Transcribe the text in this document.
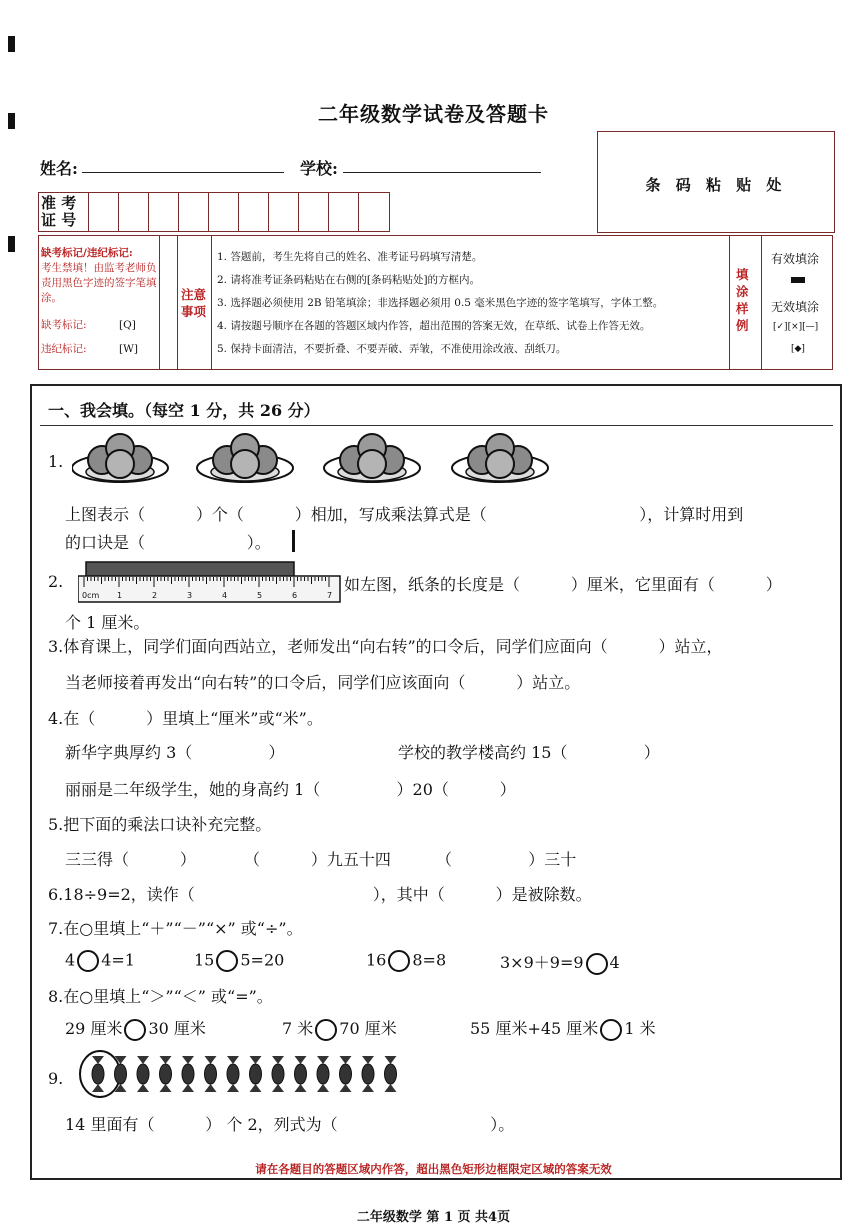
二年级数学试卷及答题卡
姓名:	学校:
条 码 粘 贴 处
准 考
证 号
缺考标记/违纪标记:
考生禁填！由监考老师负责用黑色字迹的签字笔填涂。
缺考标记:	[Q]
违纪标记:	[W]
注意事项
1. 答题前，考生先将自己的姓名、准考证号码填写清楚。
2. 请将准考证条码粘贴在右侧的[条码粘贴处]的方框内。
3. 选择题必须使用 2B 铅笔填涂；非选择题必须用 0.5 毫米黑色字迹的签字笔填写，字体工整。
4. 请按题号顺序在各题的答题区域内作答，超出范围的答案无效，在草纸、试卷上作答无效。
5. 保持卡面清洁，不要折叠、不要弄破、弄皱，不准使用涂改液、刮纸刀。
填涂样例
有效填涂
无效填涂
[✓][×][—]
[◆]
一、我会填。（每空 1 分，共 26 分）
1.
上图表示（          ）个（          ）相加，写成乘法算式是（                              ），计算时用到
的口诀是（                    ）。
2.
0cm 1	2	3	4	5	6	7
如左图，纸条的长度是（          ）厘米，它里面有（          ）
个 1 厘米。
3.体育课上，同学们面向西站立，老师发出“向右转”的口令后，同学们应面向（          ）站立，
当老师接着再发出“向右转”的口令后，同学们应该面向（          ）站立。
4.在（          ）里填上“厘米”或“米”。
新华字典厚约 3（               ）	学校的教学楼高约 15（               ）
丽丽是二年级学生，她的身高约 1（               ）20（          ）
5.把下面的乘法口诀补充完整。
三三得（          ）	（          ）九五十四	（               ）三十
6.18÷9=2，读作（                                   ），其中（          ）是被除数。
7.在○里填上“＋”“－”“×” 或“÷”。
4 4=1	15 5=20	16 8=8	3×9＋9=9 4
8.在○里填上“＞”“＜” 或“=”。
29 厘米 30 厘米	7 米 70 厘米	55 厘米+45 厘米 1 米
9.
14 里面有（          ） 个 2，列式为（                              ）。
请在各题目的答题区域内作答，超出黑色矩形边框限定区域的答案无效
二年级数学 第 1 页 共4页
